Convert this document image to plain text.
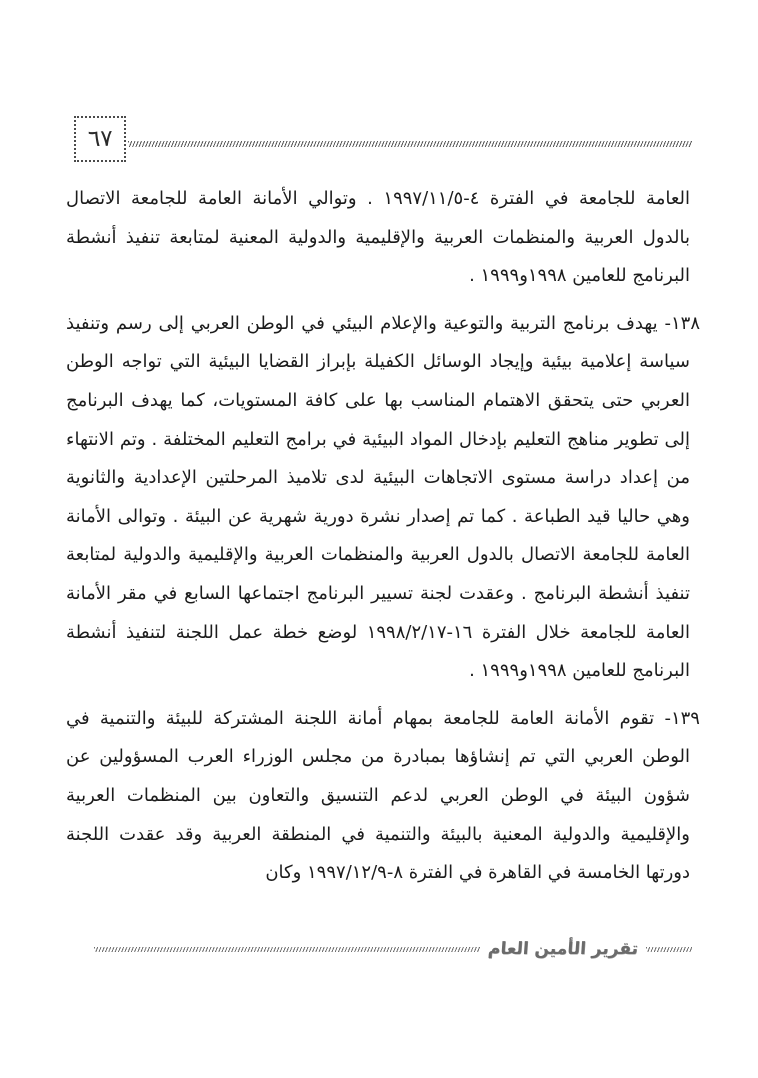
٦٧

العامة للجامعة في الفترة ٤-١٩٩٧/١١/٥ . وتوالي الأمانة العامة للجامعة الاتصال بالدول العربية والمنظمات العربية والإقليمية والدولية المعنية لمتابعة تنفيذ أنشطة البرنامج للعامين ١٩٩٨و١٩٩٩ .

١٣٨- يهدف برنامج التربية والتوعية والإعلام البيئي في الوطن العربي إلى رسم وتنفيذ سياسة إعلامية بيئية وإيجاد الوسائل الكفيلة بإبراز القضايا البيئية التي تواجه الوطن العربي حتى يتحقق الاهتمام المناسب بها على كافة المستويات، كما يهدف البرنامج إلى تطوير مناهج التعليم بإدخال المواد البيئية في برامج التعليم المختلفة . وتم الانتهاء من إعداد دراسة مستوى الاتجاهات البيئية لدى تلاميذ المرحلتين الإعدادية والثانوية وهي حاليا قيد الطباعة . كما تم إصدار نشرة دورية شهرية عن البيئة . وتوالى الأمانة العامة للجامعة الاتصال بالدول العربية والمنظمات العربية والإقليمية والدولية لمتابعة تنفيذ أنشطة البرنامج . وعقدت لجنة تسيير البرنامج اجتماعها السابع في مقر الأمانة العامة للجامعة خلال الفترة ١٦-١٩٩٨/٢/١٧ لوضع خطة عمل اللجنة لتنفيذ أنشطة البرنامج للعامين ١٩٩٨و١٩٩٩ .

١٣٩- تقوم الأمانة العامة للجامعة بمهام أمانة اللجنة المشتركة للبيئة والتنمية في الوطن العربي التي تم إنشاؤها بمبادرة من مجلس الوزراء العرب المسؤولين عن شؤون البيئة في الوطن العربي لدعم التنسيق والتعاون بين المنظمات العربية والإقليمية والدولية المعنية بالبيئة والتنمية في المنطقة العربية وقد عقدت اللجنة دورتها الخامسة في القاهرة في الفترة ٨-١٩٩٧/١٢/٩ وكان

تقرير الأمين العام
